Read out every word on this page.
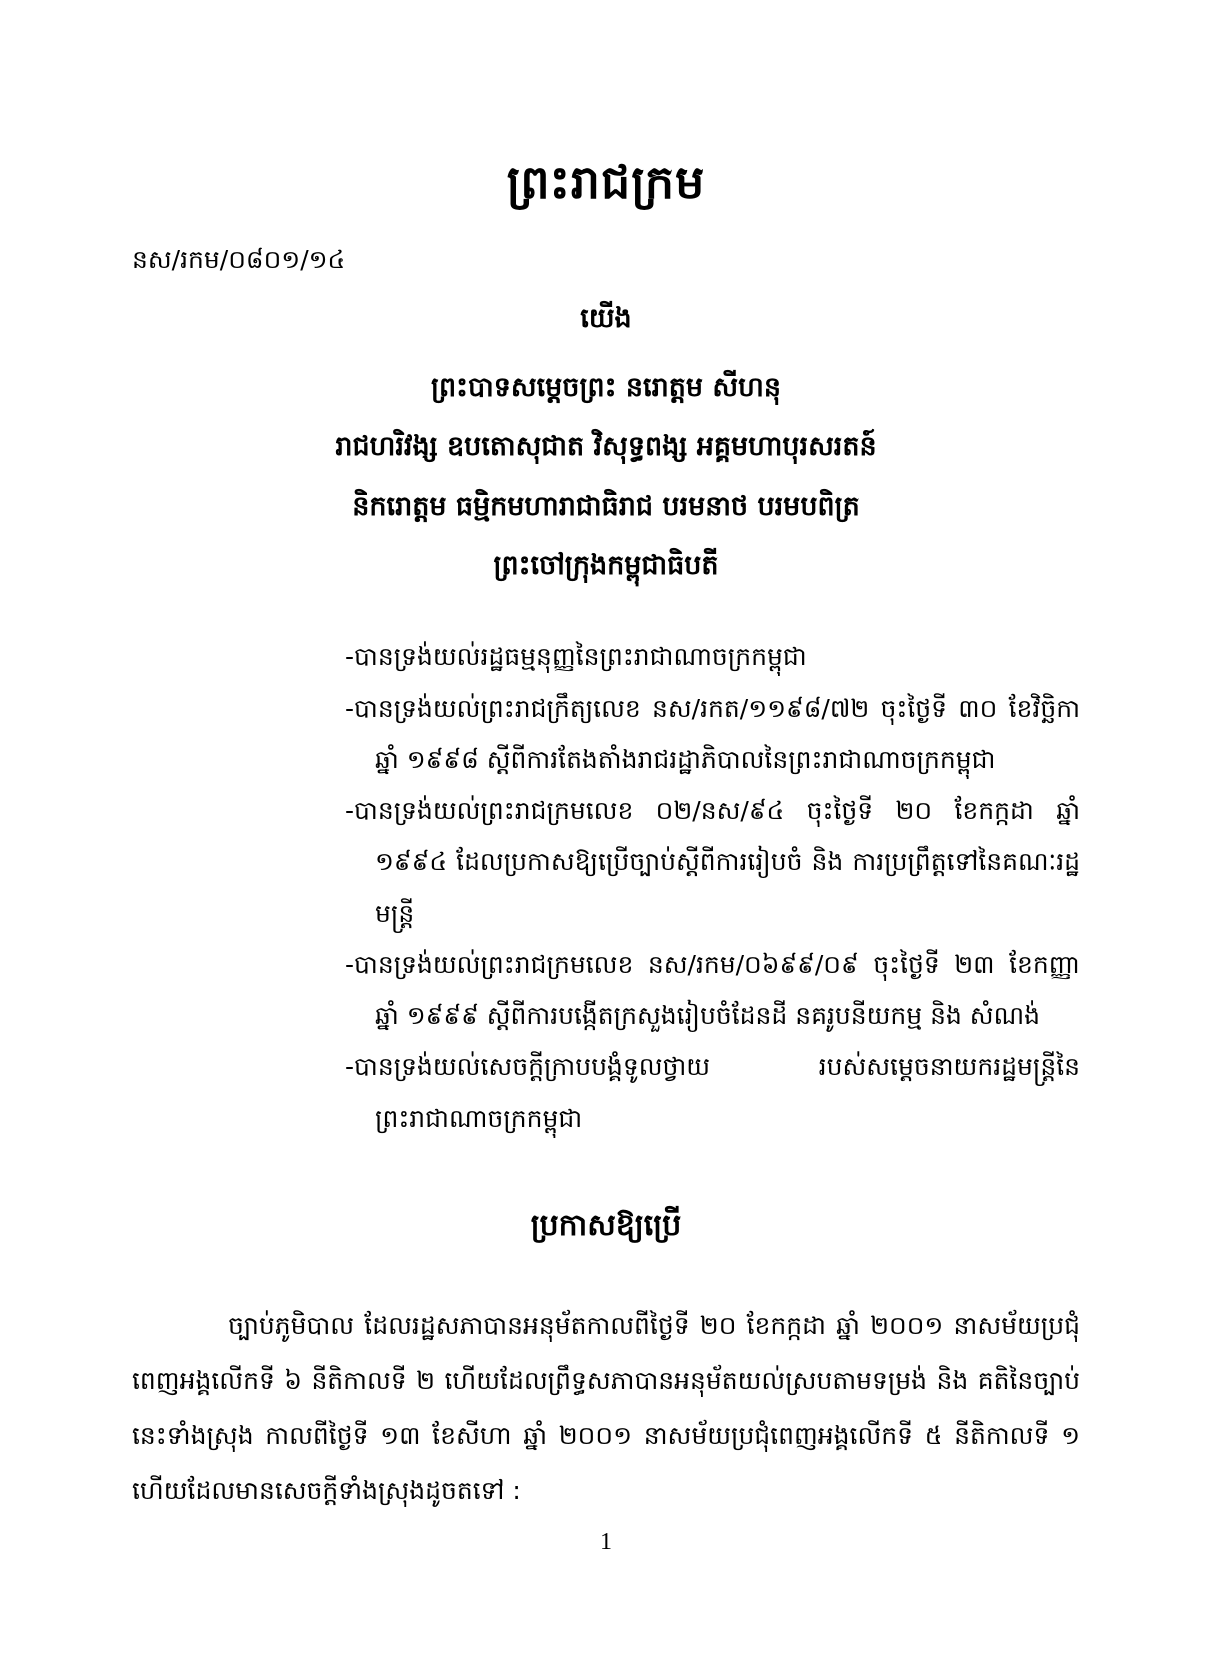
ព្រះរាជក្រម
នស/រកម/០៨០១/១៤
យើង
ព្រះបាទសម្ដេចព្រះ នរោត្ដម សីហនុ
រាជហរិវង្ស ឧបតោសុជាត វិសុទ្ធពង្ស អគ្គមហាបុរសរតន៍
និករោត្ដម ធម្មិកមហារាជាធិរាជ បរមនាថ បរមបពិត្រ
ព្រះចៅក្រុងកម្ពុជាធិបតី
-បានទ្រង់យល់រដ្ឋធម្មនុញ្ញនៃព្រះរាជាណាចក្រកម្ពុជា
-បានទ្រង់យល់ព្រះរាជក្រឹត្យលេខ នស/រកត/១១៩៨/៧២ ចុះថ្ងៃទី ៣០ ខែវិច្ឆិកា ឆ្នាំ ១៩៩៨ ស្ដីពីការតែងតាំងរាជរដ្ឋាភិបាលនៃព្រះរាជាណាចក្រកម្ពុជា
-បានទ្រង់យល់ព្រះរាជក្រមលេខ ០២/នស/៩៤ ចុះថ្ងៃទី ២០ ខែកក្កដា ឆ្នាំ ១៩៩៤ ដែលប្រកាសឱ្យប្រើច្បាប់ស្ដីពីការរៀបចំ និង ការប្រព្រឹត្តទៅនៃគណៈរដ្ឋមន្ត្រី
-បានទ្រង់យល់ព្រះរាជក្រមលេខ នស/រកម/០៦៩៩/០៩ ចុះថ្ងៃទី ២៣ ខែកញ្ញា ឆ្នាំ ១៩៩៩ ស្ដីពីការបង្កើតក្រសួងរៀបចំដែនដី នគរូបនីយកម្ម និង សំណង់
-បានទ្រង់យល់សេចក្ដីក្រាបបង្គំទូលថ្វាយ របស់សម្ដេចនាយករដ្ឋមន្ត្រីនៃព្រះរាជាណាចក្រកម្ពុជា
ប្រកាសឱ្យប្រើ
ច្បាប់ភូមិបាល ដែលរដ្ឋសភាបានអនុម័តកាលពីថ្ងៃទី ២០ ខែកក្កដា ឆ្នាំ ២០០១ នាសម័យប្រជុំពេញអង្គលើកទី ៦ នីតិកាលទី ២ ហើយដែលព្រឹទ្ធសភាបានអនុម័តយល់ស្របតាមទម្រង់ និង គតិនៃច្បាប់នេះទាំងស្រុង កាលពីថ្ងៃទី ១៣ ខែសីហា ឆ្នាំ ២០០១ នាសម័យប្រជុំពេញអង្គលើកទី ៥ នីតិកាលទី ១ ហើយដែលមានសេចក្ដីទាំងស្រុងដូចតទៅ :
1
